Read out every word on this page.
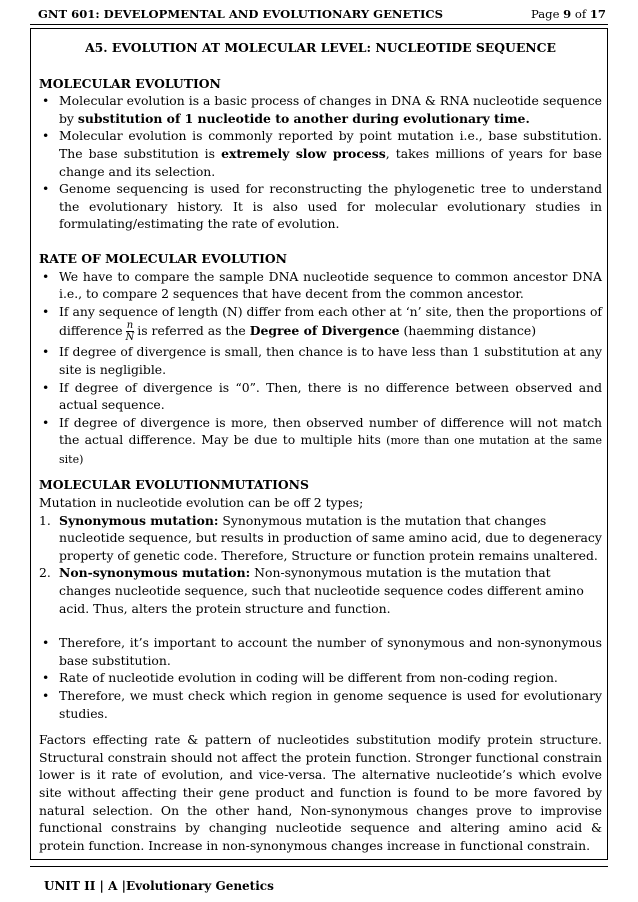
GNT 601: DEVELOPMENTAL AND EVOLUTIONARY GENETICS	Page 9 of 17
A5. EVOLUTION AT MOLECULAR LEVEL: NUCLEOTIDE SEQUENCE
MOLECULAR EVOLUTION
• Molecular evolution is a basic process of changes in DNA & RNA nucleotide sequence by substitution of 1 nucleotide to another during evolutionary time.
• Molecular evolution is commonly reported by point mutation i.e., base substitution. The base substitution is extremely slow process, takes millions of years for base change and its selection.
• Genome sequencing is used for reconstructing the phylogenetic tree to understand the evolutionary history. It is also used for molecular evolutionary studies in formulating/estimating the rate of evolution.
RATE OF MOLECULAR EVOLUTION
• We have to compare the sample DNA nucleotide sequence to common ancestor DNA i.e., to compare 2 sequences that have decent from the common ancestor.
• If any sequence of length (N) differ from each other at ‘n’ site, then the proportions of difference $\frac{n}{N}$ is referred as the Degree of Divergence (haemming distance)
• If degree of divergence is small, then chance is to have less than 1 substitution at any site is negligible.
• If degree of divergence is “0”. Then, there is no difference between observed and actual sequence.
• If degree of divergence is more, then observed number of difference will not match the actual difference. May be due to multiple hits (more than one mutation at the same site)
MOLECULAR EVOLUTIONMUTATIONS
Mutation in nucleotide evolution can be off 2 types;
1. Synonymous mutation: Synonymous mutation is the mutation that changes nucleotide sequence, but results in production of same amino acid, due to degeneracy property of genetic code. Therefore, Structure or function protein remains unaltered.
2. Non-synonymous mutation: Non-synonymous mutation is the mutation that changes nucleotide sequence, such that nucleotide sequence codes different amino acid. Thus, alters the protein structure and function.
• Therefore, it’s important to account the number of synonymous and non-synonymous base substitution.
• Rate of nucleotide evolution in coding will be different from non-coding region.
• Therefore, we must check which region in genome sequence is used for evolutionary studies.

Factors effecting rate & pattern of nucleotides substitution modify protein structure. Structural constrain should not affect the protein function. Stronger functional constrain lower is it rate of evolution, and vice-versa. The alternative nucleotide’s which evolve site without affecting their gene product and function is found to be more favored by natural selection. On the other hand, Non-synonymous changes prove to improvise functional constrains by changing nucleotide sequence and altering amino acid & protein function. Increase in non-synonymous changes increase in functional constrain.

UNIT II | A |Evolutionary Genetics
